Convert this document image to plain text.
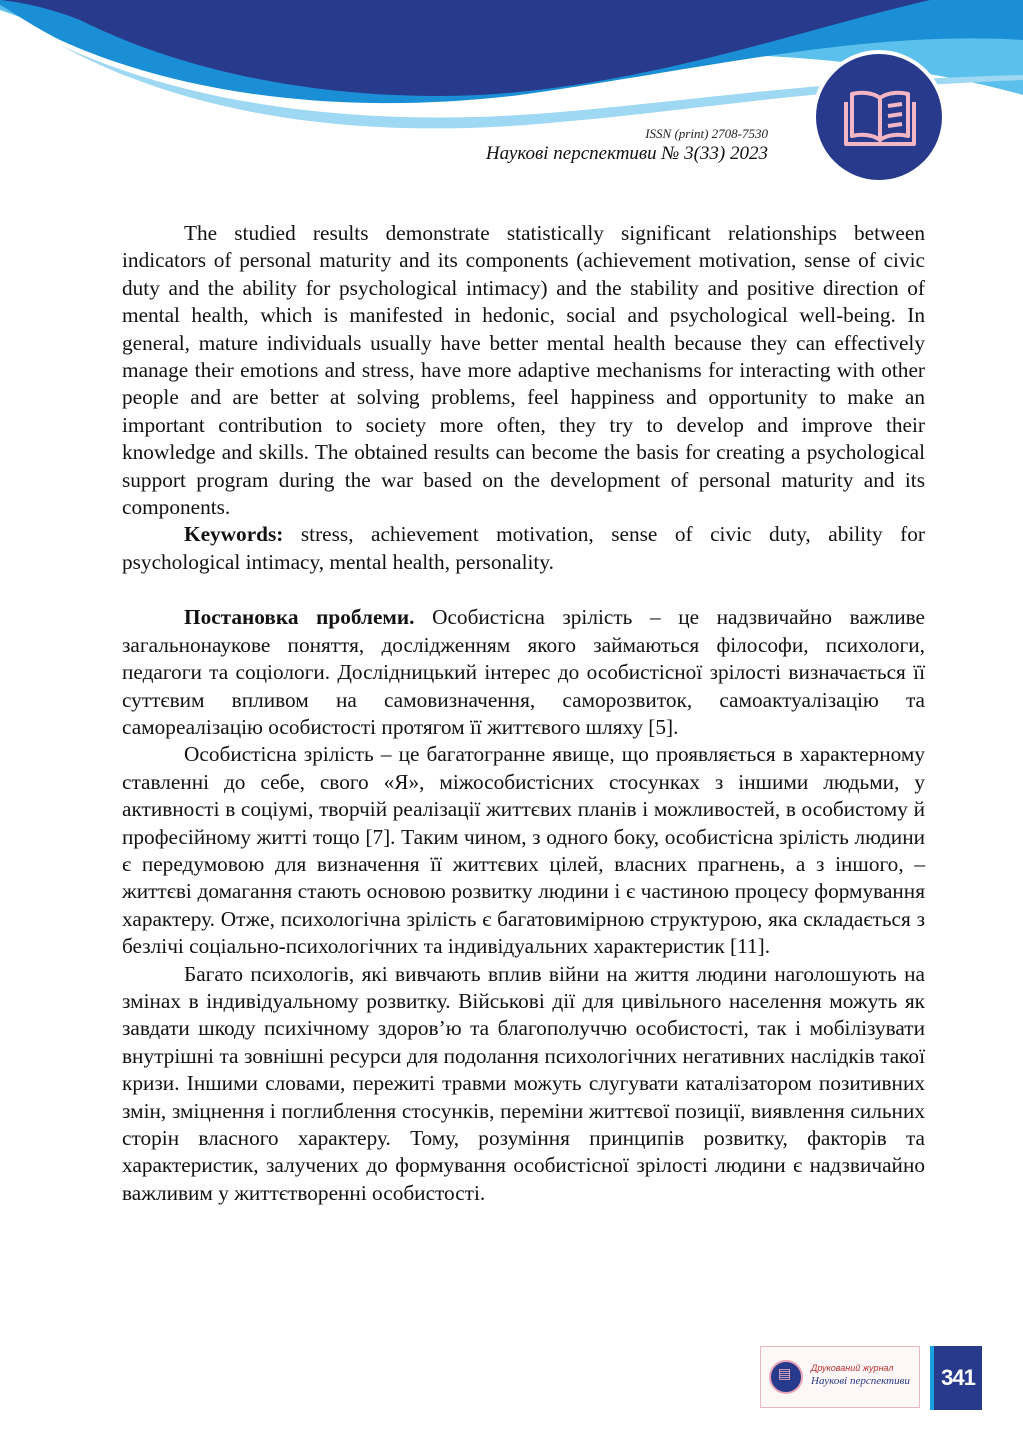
ISSN (print) 2708-7530
Наукові перспективи № 3(33) 2023

The studied results demonstrate statistically significant relationships between indicators of personal maturity and its components (achievement motivation, sense of civic duty and the ability for psychological intimacy) and the stability and positive direction of mental health, which is manifested in hedonic, social and psychological well-being. In general, mature individuals usually have better mental health because they can effectively manage their emotions and stress, have more adaptive mechanisms for interacting with other people and are better at solving problems, feel happiness and opportunity to make an important contribution to society more often, they try to develop and improve their knowledge and skills. The obtained results can become the basis for creating a psychological support program during the war based on the development of personal maturity and its components.

Keywords: stress, achievement motivation, sense of civic duty, ability for psychological intimacy, mental health, personality.

Постановка проблеми. Особистісна зрілість – це надзвичайно важливе загальнонаукове поняття, дослідженням якого займаються філософи, психологи, педагоги та соціологи. Дослідницький інтерес до особистісної зрілості визначається її суттєвим впливом на самовизначення, саморозвиток, самоактуалізацію та самореалізацію особистості протягом її життєвого шляху [5].

Особистісна зрілість – це багатогранне явище, що проявляється в характерному ставленні до себе, свого «Я», міжособистісних стосунках з іншими людьми, у активності в соціумі, творчій реалізації життєвих планів і можливостей, в особистому й професійному житті тощо [7]. Таким чином, з одного боку, особистісна зрілість людини є передумовою для визначення її життєвих цілей, власних прагнень, а з іншого, – життєві домагання стають основою розвитку людини і є частиною процесу формування характеру. Отже, психологічна зрілість є багатовимірною структурою, яка складається з безлічі соціально-психологічних та індивідуальних характеристик [11].

Багато психологів, які вивчають вплив війни на життя людини наголошують на змінах в індивідуальному розвитку. Військові дії для цивільного населення можуть як завдати шкоду психічному здоров’ю та благополуччю особистості, так і мобілізувати внутрішні та зовнішні ресурси для подолання психологічних негативних наслідків такої кризи. Іншими словами, пережиті травми можуть слугувати каталізатором позитивних змін, зміцнення і поглиблення стосунків, переміни життєвої позиції, виявлення сильних сторін власного характеру. Тому, розуміння принципів розвитку, факторів та характеристик, залучених до формування особистісної зрілості людини є надзвичайно важливим у життєтворенні особистості.

▤ Друкований журнал
Наукові перспективи	341
